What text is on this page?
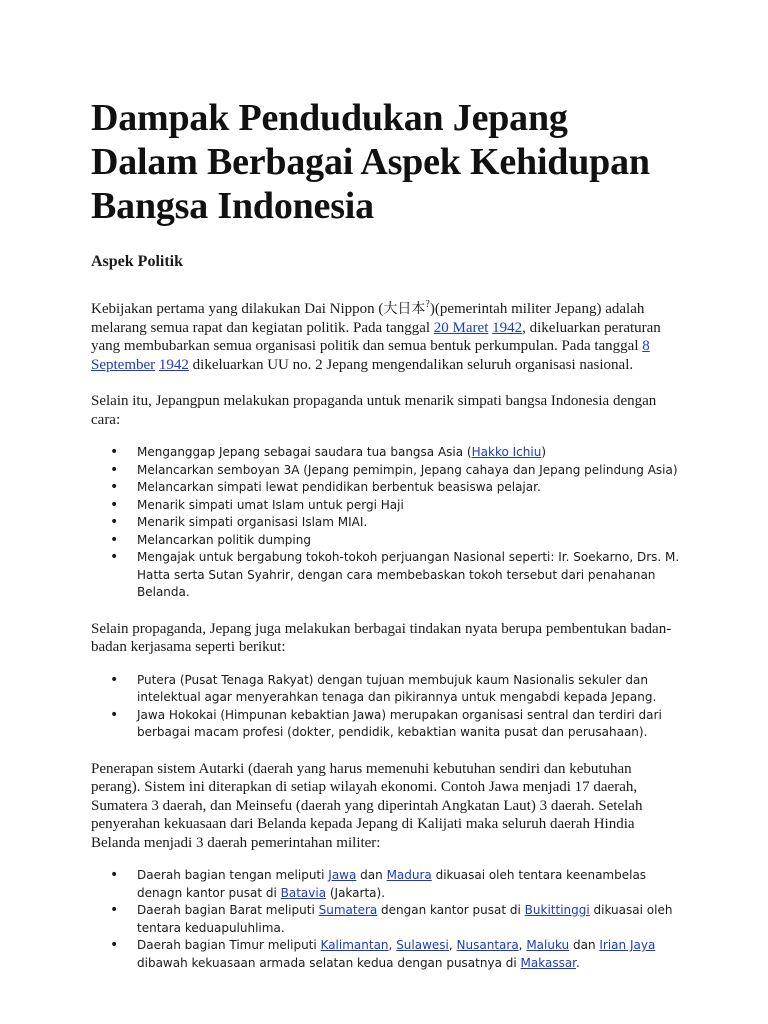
Dampak Pendudukan Jepang Dalam Berbagai Aspek Kehidupan Bangsa Indonesia
Aspek Politik

Kebijakan pertama yang dilakukan Dai Nippon (大日本?)(pemerintah militer Jepang) adalah melarang semua rapat dan kegiatan politik. Pada tanggal 20 Maret 1942, dikeluarkan peraturan yang membubarkan semua organisasi politik dan semua bentuk perkumpulan. Pada tanggal 8 September 1942 dikeluarkan UU no. 2 Jepang mengendalikan seluruh organisasi nasional.

Selain itu, Jepangpun melakukan propaganda untuk menarik simpati bangsa Indonesia dengan cara:

• Menganggap Jepang sebagai saudara tua bangsa Asia (Hakko Ichiu)
• Melancarkan semboyan 3A (Jepang pemimpin, Jepang cahaya dan Jepang pelindung Asia)
• Melancarkan simpati lewat pendidikan berbentuk beasiswa pelajar.
• Menarik simpati umat Islam untuk pergi Haji
• Menarik simpati organisasi Islam MIAI.
• Melancarkan politik dumping
• Mengajak untuk bergabung tokoh-tokoh perjuangan Nasional seperti: Ir. Soekarno, Drs. M. Hatta serta Sutan Syahrir, dengan cara membebaskan tokoh tersebut dari penahanan Belanda.

Selain propaganda, Jepang juga melakukan berbagai tindakan nyata berupa pembentukan badan-badan kerjasama seperti berikut:

• Putera (Pusat Tenaga Rakyat) dengan tujuan membujuk kaum Nasionalis sekuler dan intelektual agar menyerahkan tenaga dan pikirannya untuk mengabdi kepada Jepang.
• Jawa Hokokai (Himpunan kebaktian Jawa) merupakan organisasi sentral dan terdiri dari berbagai macam profesi (dokter, pendidik, kebaktian wanita pusat dan perusahaan).

Penerapan sistem Autarki (daerah yang harus memenuhi kebutuhan sendiri dan kebutuhan perang). Sistem ini diterapkan di setiap wilayah ekonomi. Contoh Jawa menjadi 17 daerah, Sumatera 3 daerah, dan Meinsefu (daerah yang diperintah Angkatan Laut) 3 daerah. Setelah penyerahan kekuasaan dari Belanda kepada Jepang di Kalijati maka seluruh daerah Hindia Belanda menjadi 3 daerah pemerintahan militer:

• Daerah bagian tengan meliputi Jawa dan Madura dikuasai oleh tentara keenambelas denagn kantor pusat di Batavia (Jakarta).
• Daerah bagian Barat meliputi Sumatera dengan kantor pusat di Bukittinggi dikuasai oleh tentara keduapuluhlima.
• Daerah bagian Timur meliputi Kalimantan, Sulawesi, Nusantara, Maluku dan Irian Jaya dibawah kekuasaan armada selatan kedua dengan pusatnya di Makassar.
